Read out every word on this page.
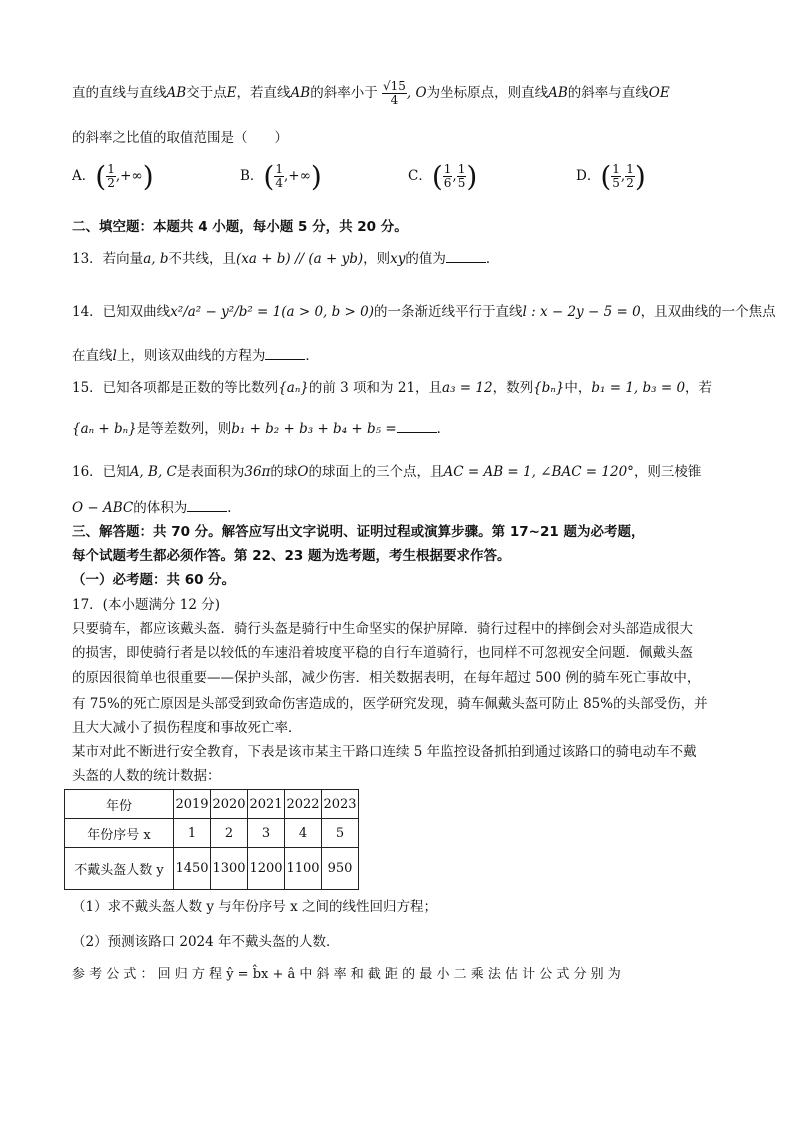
直的直线与直线AB交于点E，若直线AB的斜率小于 $\frac{√15}{4}$ , O为坐标原点，则直线AB的斜率与直线OE
的斜率之比值的取值范围是（　　）
A．( $\frac{1}{2}$ ,+∞)	B．( $\frac{1}{4}$ ,+∞)	C．( $\frac{1}{6}$ , $\frac{1}{5}$ )	D．( $\frac{1}{5}$ , $\frac{1}{2}$ )
二、填空题：本题共 4 小题，每小题 5 分，共 20 分。
13．若向量a, b不共线，且(xa + b) // (a + yb)，则xy的值为	．
14．已知双曲线x²/a² − y²/b² = 1(a > 0, b > 0)的一条渐近线平行于直线l : x − 2y − 5 = 0，且双曲线的一个焦点
在直线l上，则该双曲线的方程为	．
15．已知各项都是正数的等比数列{aₙ}的前 3 项和为 21，且a₃ = 12，数列{bₙ}中，b₁ = 1, b₃ = 0，若
{aₙ + bₙ}是等差数列，则b₁ + b₂ + b₃ + b₄ + b₅ =	．
16．已知A, B, C是表面积为36π的球O的球面上的三个点，且AC = AB = 1, ∠BAC = 120°，则三棱锥
O − ABC的体积为	．
三、解答题：共 70 分。解答应写出文字说明、证明过程或演算步骤。第 17~21 题为必考题，
每个试题考生都必须作答。第 22、23 题为选考题，考生根据要求作答。
（一）必考题：共 60 分。
17．(本小题满分 12 分)
只要骑车，都应该戴头盔．骑行头盔是骑行中生命坚实的保护屏障．骑行过程中的摔倒会对头部造成很大
的损害，即使骑行者是以较低的车速沿着坡度平稳的自行车道骑行，也同样不可忽视安全问题．佩戴头盔
的原因很简单也很重要——保护头部，减少伤害．相关数据表明，在每年超过 500 例的骑车死亡事故中，
有 75%的死亡原因是头部受到致命伤害造成的，医学研究发现，骑车佩戴头盔可防止 85%的头部受伤，并
且大大减小了损伤程度和事故死亡率．
某市对此不断进行安全教育，下表是该市某主干路口连续 5 年监控设备抓拍到通过该路口的骑电动车不戴
头盔的人数的统计数据：
年份	2019	2020	2021	2022	2023
年份序号 x	1	2	3	4	5
不戴头盔人数 y	1450	1300	1200	1100	950
（1）求不戴头盔人数 y 与年份序号 x 之间的线性回归方程；
（2）预测该路口 2024 年不戴头盔的人数．
参 考 公 式 ： 回 归 方 程 ŷ = b̂x + â 中 斜 率 和 截 距 的 最 小 二 乘 法 估 计 公 式 分 别 为
